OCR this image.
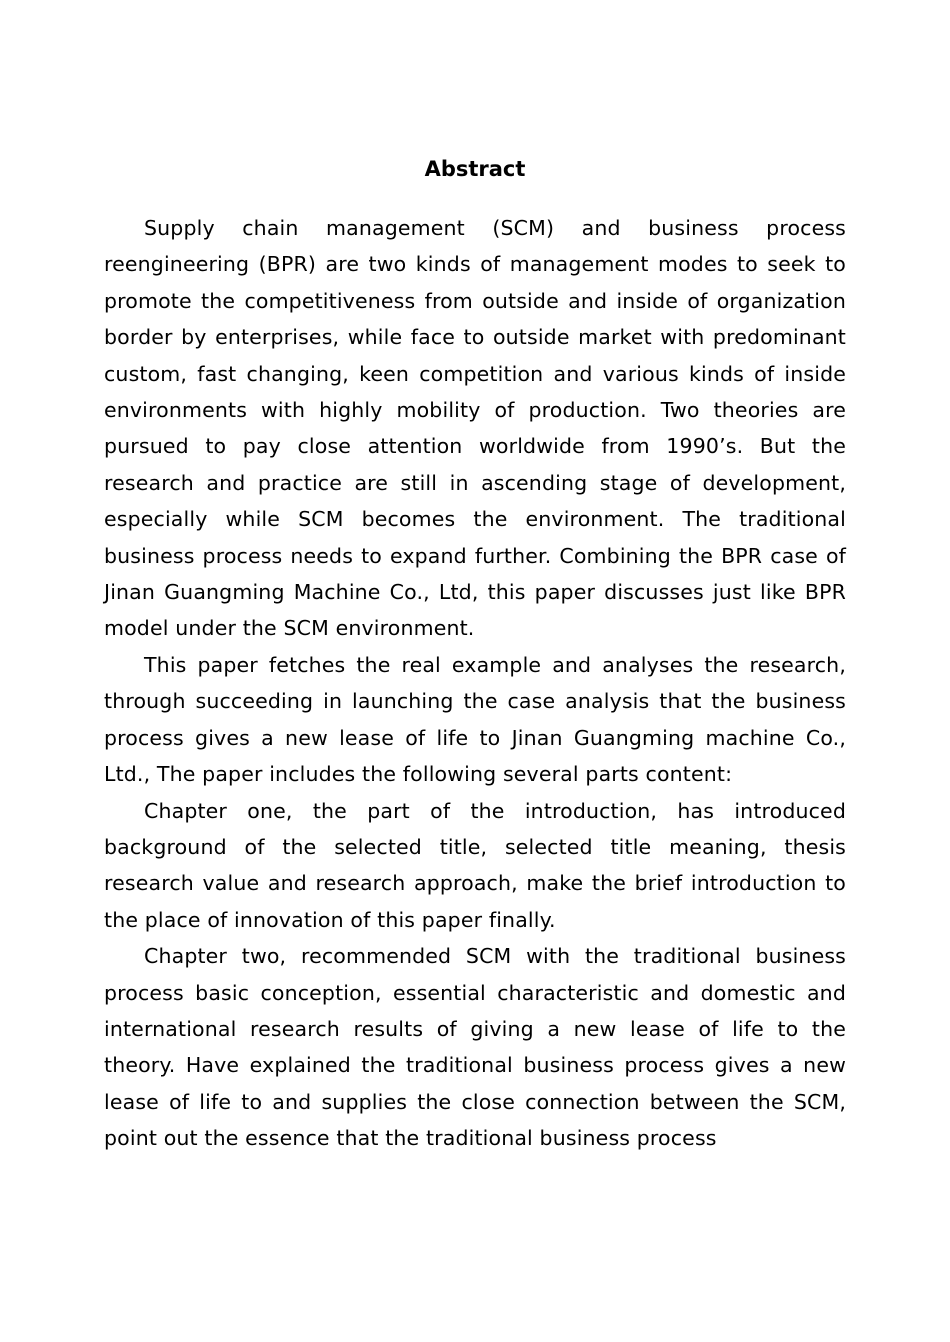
Abstract

Supply chain management (SCM) and business process reengineering (BPR) are two kinds of management modes to seek to promote the competitiveness from outside and inside of organization border by enterprises, while face to outside market with predominant custom, fast changing, keen competition and various kinds of inside environments with highly mobility of production. Two theories are pursued to pay close attention worldwide from 1990’s. But the research and practice are still in ascending stage of development, especially while SCM becomes the environment. The traditional business process needs to expand further. Combining the BPR case of Jinan Guangming Machine Co., Ltd, this paper discusses just like BPR model under the SCM environment.

This paper fetches the real example and analyses the research, through succeeding in launching the case analysis that the business process gives a new lease of life to Jinan Guangming machine Co., Ltd., The paper includes the following several parts content:

Chapter one, the part of the introduction, has introduced background of the selected title, selected title meaning, thesis research value and research approach, make the brief introduction to the place of innovation of this paper finally.

Chapter two, recommended SCM with the traditional business process basic conception, essential characteristic and domestic and international research results of giving a new lease of life to the theory. Have explained the traditional business process gives a new lease of life to and supplies the close connection between the SCM, point out the essence that the traditional business process
